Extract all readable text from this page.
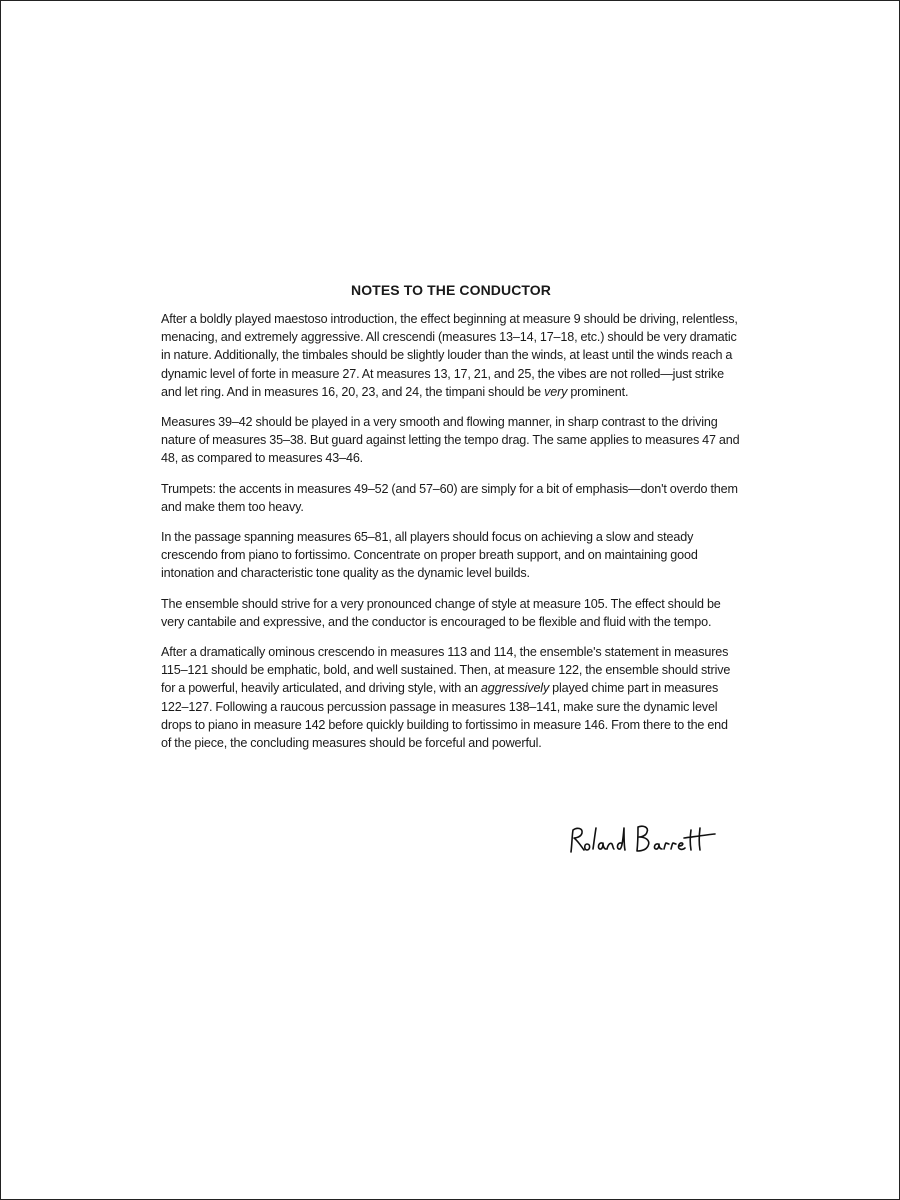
NOTES TO THE CONDUCTOR

After a boldly played maestoso introduction, the effect beginning at measure 9 should be driving, relentless, menacing, and extremely aggressive. All crescendi (measures 13–14, 17–18, etc.) should be very dramatic in nature. Additionally, the timbales should be slightly louder than the winds, at least until the winds reach a dynamic level of forte in measure 27. At measures 13, 17, 21, and 25, the vibes are not rolled—just strike and let ring. And in measures 16, 20, 23, and 24, the timpani should be very prominent.

Measures 39–42 should be played in a very smooth and flowing manner, in sharp contrast to the driving nature of measures 35–38. But guard against letting the tempo drag. The same applies to measures 47 and 48, as compared to measures 43–46.

Trumpets: the accents in measures 49–52 (and 57–60) are simply for a bit of emphasis—don't overdo them and make them too heavy.

In the passage spanning measures 65–81, all players should focus on achieving a slow and steady crescendo from piano to fortissimo. Concentrate on proper breath support, and on maintaining good intonation and characteristic tone quality as the dynamic level builds.

The ensemble should strive for a very pronounced change of style at measure 105. The effect should be very cantabile and expressive, and the conductor is encouraged to be flexible and fluid with the tempo.

After a dramatically ominous crescendo in measures 113 and 114, the ensemble's statement in measures 115–121 should be emphatic, bold, and well sustained. Then, at measure 122, the ensemble should strive for a powerful, heavily articulated, and driving style, with an aggressively played chime part in measures 122–127. Following a raucous percussion passage in measures 138–141, make sure the dynamic level drops to piano in measure 142 before quickly building to fortissimo in measure 146. From there to the end of the piece, the concluding measures should be forceful and powerful.
